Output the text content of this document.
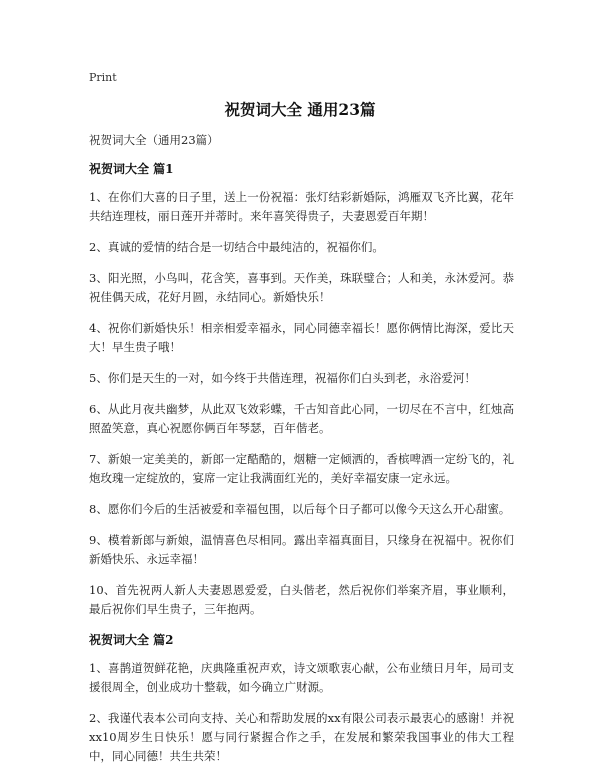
Print
祝贺词大全 通用23篇

祝贺词大全（通用23篇）

祝贺词大全 篇1

1、在你们大喜的日子里，送上一份祝福：张灯结彩新婚际，鸿雁双飞齐比翼，花年共结连理枝，丽日莲开并蒂时。来年喜笑得贵子，夫妻恩爱百年期！

2、真诚的爱情的结合是一切结合中最纯洁的，祝福你们。

3、阳光照，小鸟叫，花含笑，喜事到。天作美，珠联璧合；人和美，永沐爱河。恭祝佳偶天成，花好月圆，永结同心。新婚快乐！

4、祝你们新婚快乐！相亲相爱幸福永，同心同德幸福长！愿你俩情比海深，爱比天大！早生贵子哦！

5、你们是天生的一对，如今终于共偕连理，祝福你们白头到老，永浴爱河！

6、从此月夜共幽梦，从此双飞效彩蝶，千古知音此心同，一切尽在不言中，红烛高照盈笑意，真心祝愿你俩百年琴瑟，百年偕老。

7、新娘一定美美的，新郎一定酷酷的，烟糖一定倾洒的，香槟啤酒一定纷飞的，礼炮玫瑰一定绽放的，宴席一定让我满面红光的，美好幸福安康一定永远。

8、愿你们今后的生活被爱和幸福包围，以后每个日子都可以像今天这么开心甜蜜。

9、模着新郎与新娘，温情喜色尽相同。露出幸福真面目，只缘身在祝福中。祝你们新婚快乐、永远幸福！

10、首先祝两人新人夫妻恩恩爱爱，白头偕老，然后祝你们举案齐眉，事业顺利，最后祝你们早生贵子，三年抱两。

祝贺词大全 篇2

1、喜鹊道贺鲜花艳，庆典隆重祝声欢，诗文颂歌衷心献，公布业绩日月年，局司支援很周全，创业成功十整载，如今确立广财源。

2、我谨代表本公司向支持、关心和帮助发展的xx有限公司表示最衷心的感谢！并祝xx10周岁生日快乐！愿与同行紧握合作之手，在发展和繁荣我国事业的伟大工程中，同心同德！共生共荣！
